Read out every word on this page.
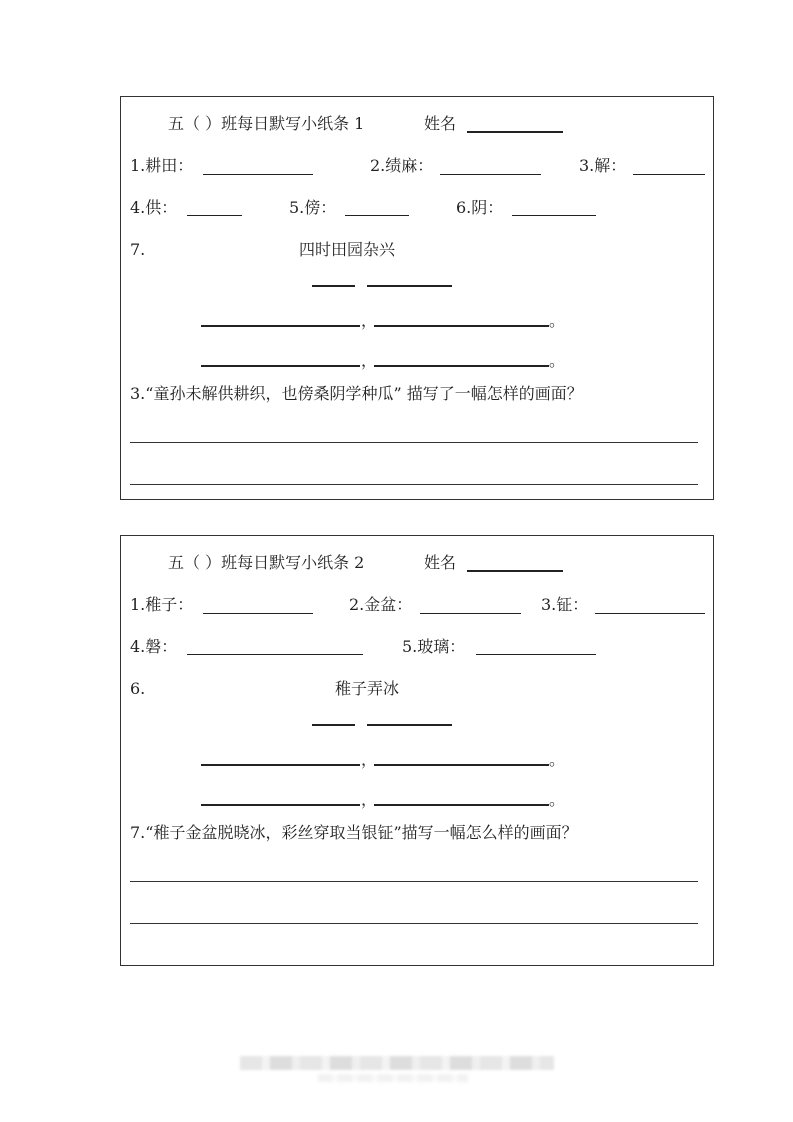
五（ ）班每日默写小纸条 1	姓名
1.耕田：	2.绩麻：	3.解：
4.供：	5.傍：	6.阴：
7.	四时田园杂兴
，	。
，	。
3.“童孙未解供耕织，也傍桑阴学种瓜” 描写了一幅怎样的画面？
五（ ）班每日默写小纸条 2	姓名
1.稚子：	2.金盆：	3.钲：
4.磐：	5.玻璃：
6.	稚子弄冰
，	。
，	。
7.“稚子金盆脱晓冰，彩丝穿取当银钲”描写一幅怎么样的画面？
